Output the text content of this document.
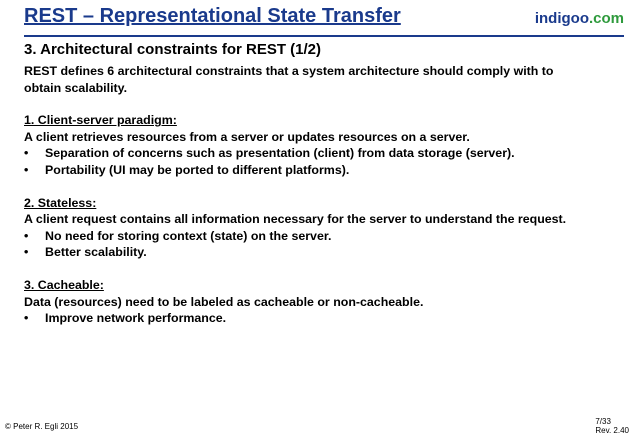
REST – Representational State Transfer	indigoo.com
3. Architectural constraints for REST (1/2)
REST defines 6 architectural constraints that a system architecture should comply with to
obtain scalability.
1. Client-server paradigm:
A client retrieves resources from a server or updates resources on a server.
•	Separation of concerns such as presentation (client) from data storage (server).
•	Portability (UI may be ported to different platforms).
2. Stateless:
A client request contains all information necessary for the server to understand the request.
•	No need for storing context (state) on the server.
•	Better scalability.
3. Cacheable:
Data (resources) need to be labeled as cacheable or non-cacheable.
•	Improve network performance.
© Peter R. Egli 2015
7/33
Rev. 2.40
